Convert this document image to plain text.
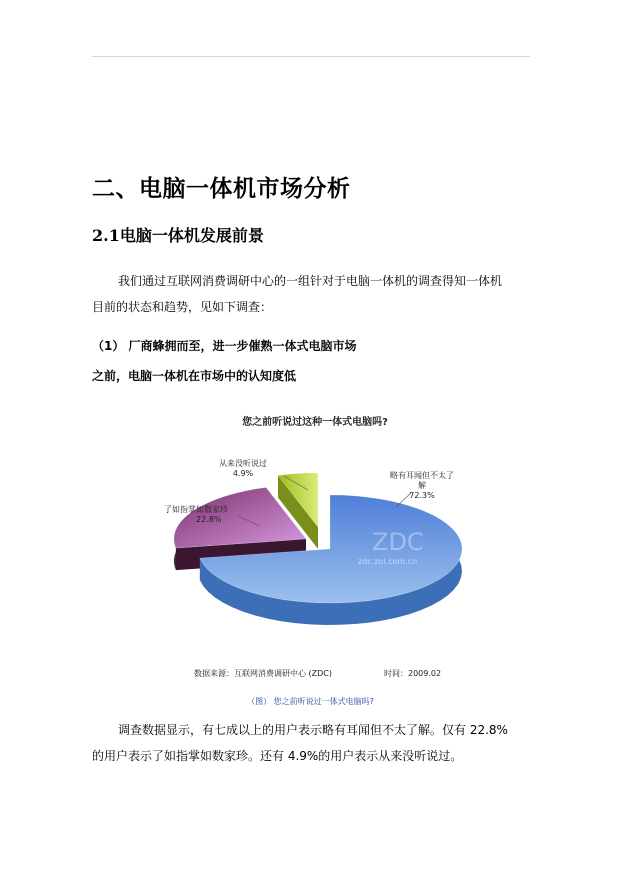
二、电脑一体机市场分析
2.1电脑一体机发展前景
我们通过互联网消费调研中心的一组针对于电脑一体机的调查得知一体机
目前的状态和趋势，见如下调查：
（1） 厂商蜂拥而至，进一步催熟一体式电脑市场
之前，电脑一体机在市场中的认知度低
您之前听说过这种一体式电脑吗?
ZDC
zdc.zol.com.cn
略有耳闻但不太了
解
72.3%
了如指掌如数家珍
22.8%
从来没听说过
4.9%
数据来源：互联网消费调研中心 (ZDC)	时间：2009.02
（图） 您之前听说过一体式电脑吗?
调查数据显示，有七成以上的用户表示略有耳闻但不太了解。仅有 22.8%
的用户表示了如指掌如数家珍。还有 4.9%的用户表示从来没听说过。
